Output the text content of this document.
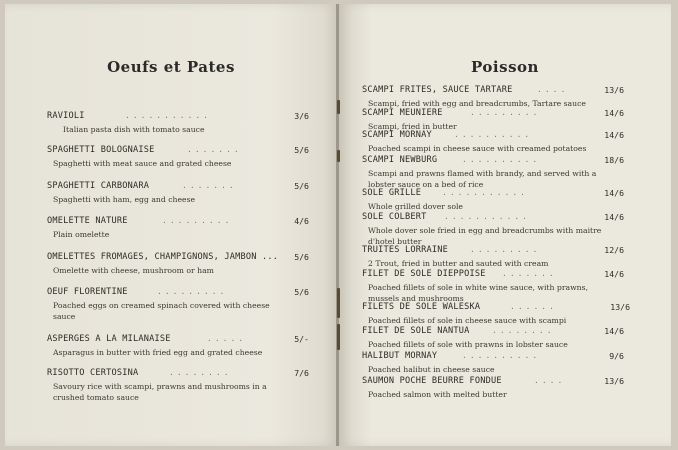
Oeufs et Pates
RAVIOLI	...........	3/6
Italian pasta dish with tomato sauce
SPAGHETTI BOLOGNAISE	.......	5/6
Spaghetti with meat sauce and grated cheese
SPAGHETTI CARBONARA	.......	5/6
Spaghetti with ham, egg and cheese
OMELETTE NATURE	.........	4/6
Plain omelette
OMELETTES FROMAGES, CHAMPIGNONS, JAMBON ...	5/6
Omelette with cheese, mushroom or ham
OEUF FLORENTINE	.........	5/6
Poached eggs on creamed spinach covered with cheese sauce
ASPERGES A LA MILANAISE	.....	5/-
Asparagus in butter with fried egg and grated cheese
RISOTTO CERTOSINA	........	7/6
Savoury rice with scampi, prawns and mushrooms in a crushed tomato sauce
Poisson
SCAMPI FRITES, SAUCE TARTARE	....	13/6
Scampi, fried with egg and breadcrumbs, Tartare sauce
SCAMPI MEUNIERE	.........	14/6
Scampi, fried in butter
SCAMPI MORNAY	..........	14/6
Poached scampi in cheese sauce with creamed potatoes
SCAMPI NEWBURG	..........	18/6
Scampi and prawns flamed with brandy, and served with a lobster sauce on a bed of rice
SOLE GRILLE	...........	14/6
Whole grilled dover sole
SOLE COLBERT	...........	14/6
Whole dover sole fried in egg and breadcrumbs with maitre d'hotel butter
TRUITES LORRAINE	.........	12/6
2 Trout, fried in butter and sauted with cream
FILET DE SOLE DIEPPOISE	.......	14/6
Poached fillets of sole in white wine sauce, with prawns, mussels and mushrooms
FILETS DE SOLE WALESKA	......	13/6
Poached fillets of sole in cheese sauce with scampi
FILET DE SOLE NANTUA	........	14/6
Poached fillets of sole with prawns in lobster sauce
HALIBUT MORNAY	..........	9/6
Poached halibut in cheese sauce
SAUMON POCHE BEURRE FONDUE	....	13/6
Poached salmon with melted butter
